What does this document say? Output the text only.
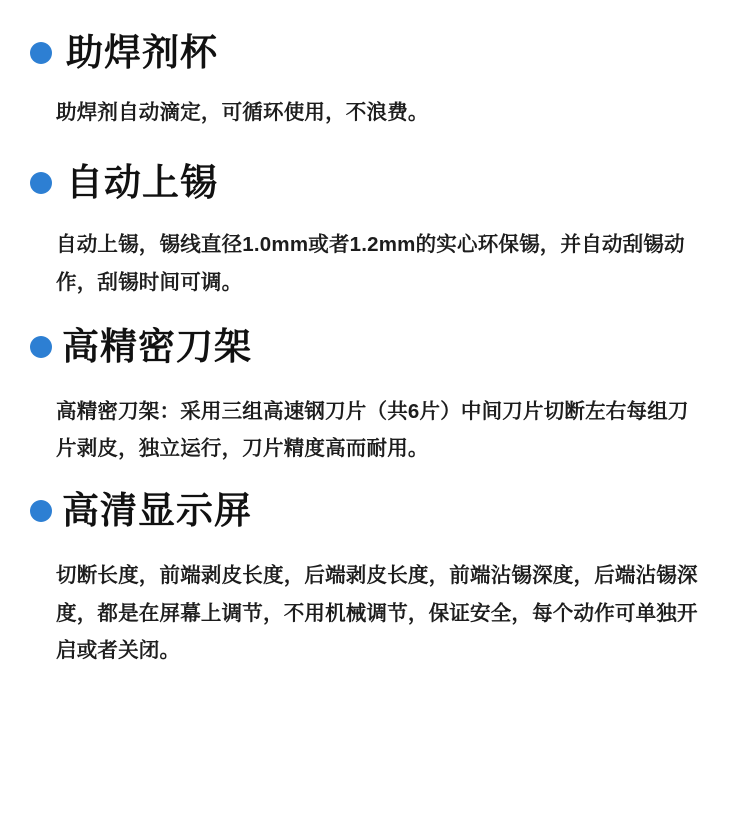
助焊剂杯

助焊剂自动滴定，可循环使用，不浪费。

自动上锡

自动上锡，锡线直径1.0mm或者1.2mm的实心环保锡，并自动刮锡动作，刮锡时间可调。

高精密刀架

高精密刀架：采用三组高速钢刀片（共6片）中间刀片切断左右每组刀片剥皮，独立运行，刀片精度高而耐用。

高清显示屏

切断长度，前端剥皮长度，后端剥皮长度，前端沾锡深度，后端沾锡深度，都是在屏幕上调节，不用机械调节，保证安全，每个动作可单独开启或者关闭。
